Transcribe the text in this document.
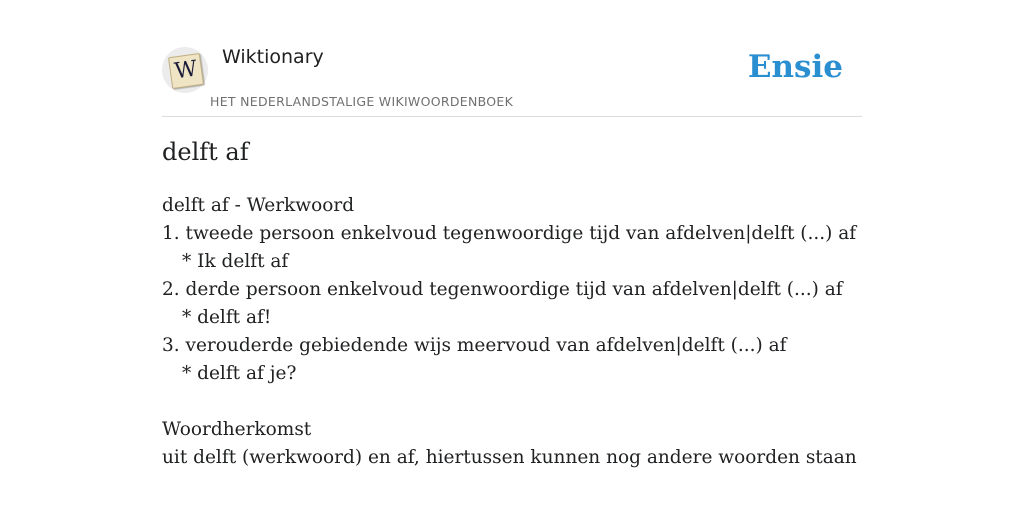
W Wiktionary
HET NEDERLANDSTALIGE WIKIWOORDENBOEK
Ensie
delft af
delft af - Werkwoord
1. tweede persoon enkelvoud tegenwoordige tijd van afdelven|delft (...) af
* Ik delft af
2. derde persoon enkelvoud tegenwoordige tijd van afdelven|delft (...) af
* delft af!
3. verouderde gebiedende wijs meervoud van afdelven|delft (...) af
* delft af je?
Woordherkomst
uit delft (werkwoord) en af, hiertussen kunnen nog andere woorden staan
